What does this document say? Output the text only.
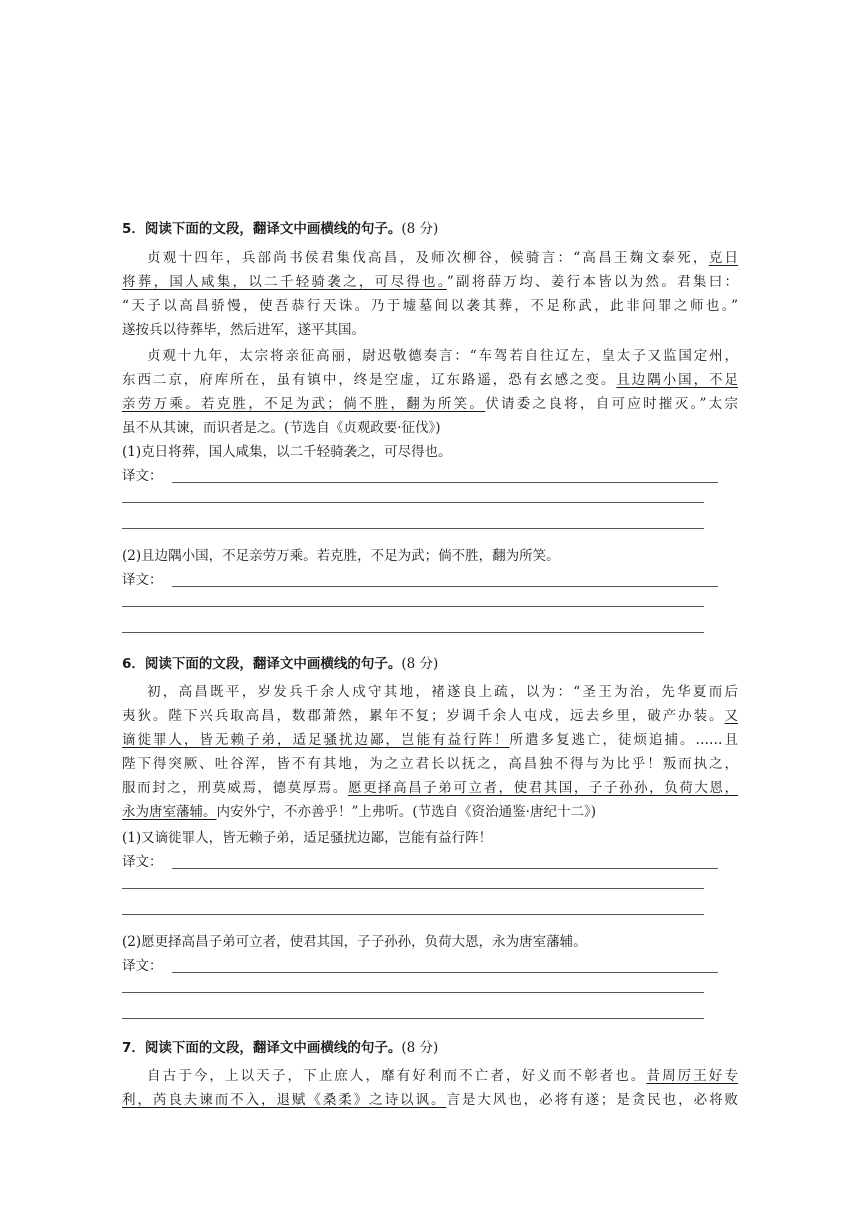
5．阅读下面的文段，翻译文中画横线的句子。(8 分)
贞观十四年，兵部尚书侯君集伐高昌，及师次柳谷，候骑言：“高昌王麹文泰死，克日
将葬，国人咸集，以二千轻骑袭之，可尽得也。”副将薛万均、姜行本皆以为然。君集曰：
“天子以高昌骄慢，使吾恭行天诛。乃于墟墓间以袭其葬，不足称武，此非问罪之师也。”
遂按兵以待葬毕，然后进军，遂平其国。
贞观十九年，太宗将亲征高丽，尉迟敬德奏言：“车驾若自往辽左，皇太子又监国定州，
东西二京，府库所在，虽有镇中，终是空虚，辽东路遥，恐有玄感之变。且边隅小国，不足
亲劳万乘。若克胜，不足为武；倘不胜，翻为所笑。伏请委之良将，自可应时摧灭。”太宗
虽不从其谏，而识者是之。(节选自《贞观政要·征伐》)
(1)克日将葬，国人咸集，以二千轻骑袭之，可尽得也。
译文：
(2)且边隅小国，不足亲劳万乘。若克胜，不足为武；倘不胜，翻为所笑。
译文：
6．阅读下面的文段，翻译文中画横线的句子。(8 分)
初，高昌既平，岁发兵千余人戍守其地，褚遂良上疏，以为：“圣王为治，先华夏而后
夷狄。陛下兴兵取高昌，数郡萧然，累年不复；岁调千余人屯戍，远去乡里，破产办装。又
谪徙罪人，皆无赖子弟，适足骚扰边鄙，岂能有益行阵！所遣多复逃亡，徒烦追捕。……且
陛下得突厥、吐谷浑，皆不有其地，为之立君长以抚之，高昌独不得与为比乎！叛而执之，
服而封之，刑莫威焉，德莫厚焉。愿更择高昌子弟可立者，使君其国，子子孙孙，负荷大恩，
永为唐室藩辅。内安外宁，不亦善乎！”上弗听。(节选自《资治通鉴·唐纪十二》)
(1)又谪徙罪人，皆无赖子弟，适足骚扰边鄙，岂能有益行阵！
译文：
(2)愿更择高昌子弟可立者，使君其国，子子孙孙，负荷大恩，永为唐室藩辅。
译文：
7．阅读下面的文段，翻译文中画横线的句子。(8 分)
自古于今，上以天子，下止庶人，靡有好利而不亡者，好义而不彰者也。昔周厉王好专
利，芮良夫谏而不入，退赋《桑柔》之诗以讽。言是大风也，必将有遂；是贪民也，必将败
